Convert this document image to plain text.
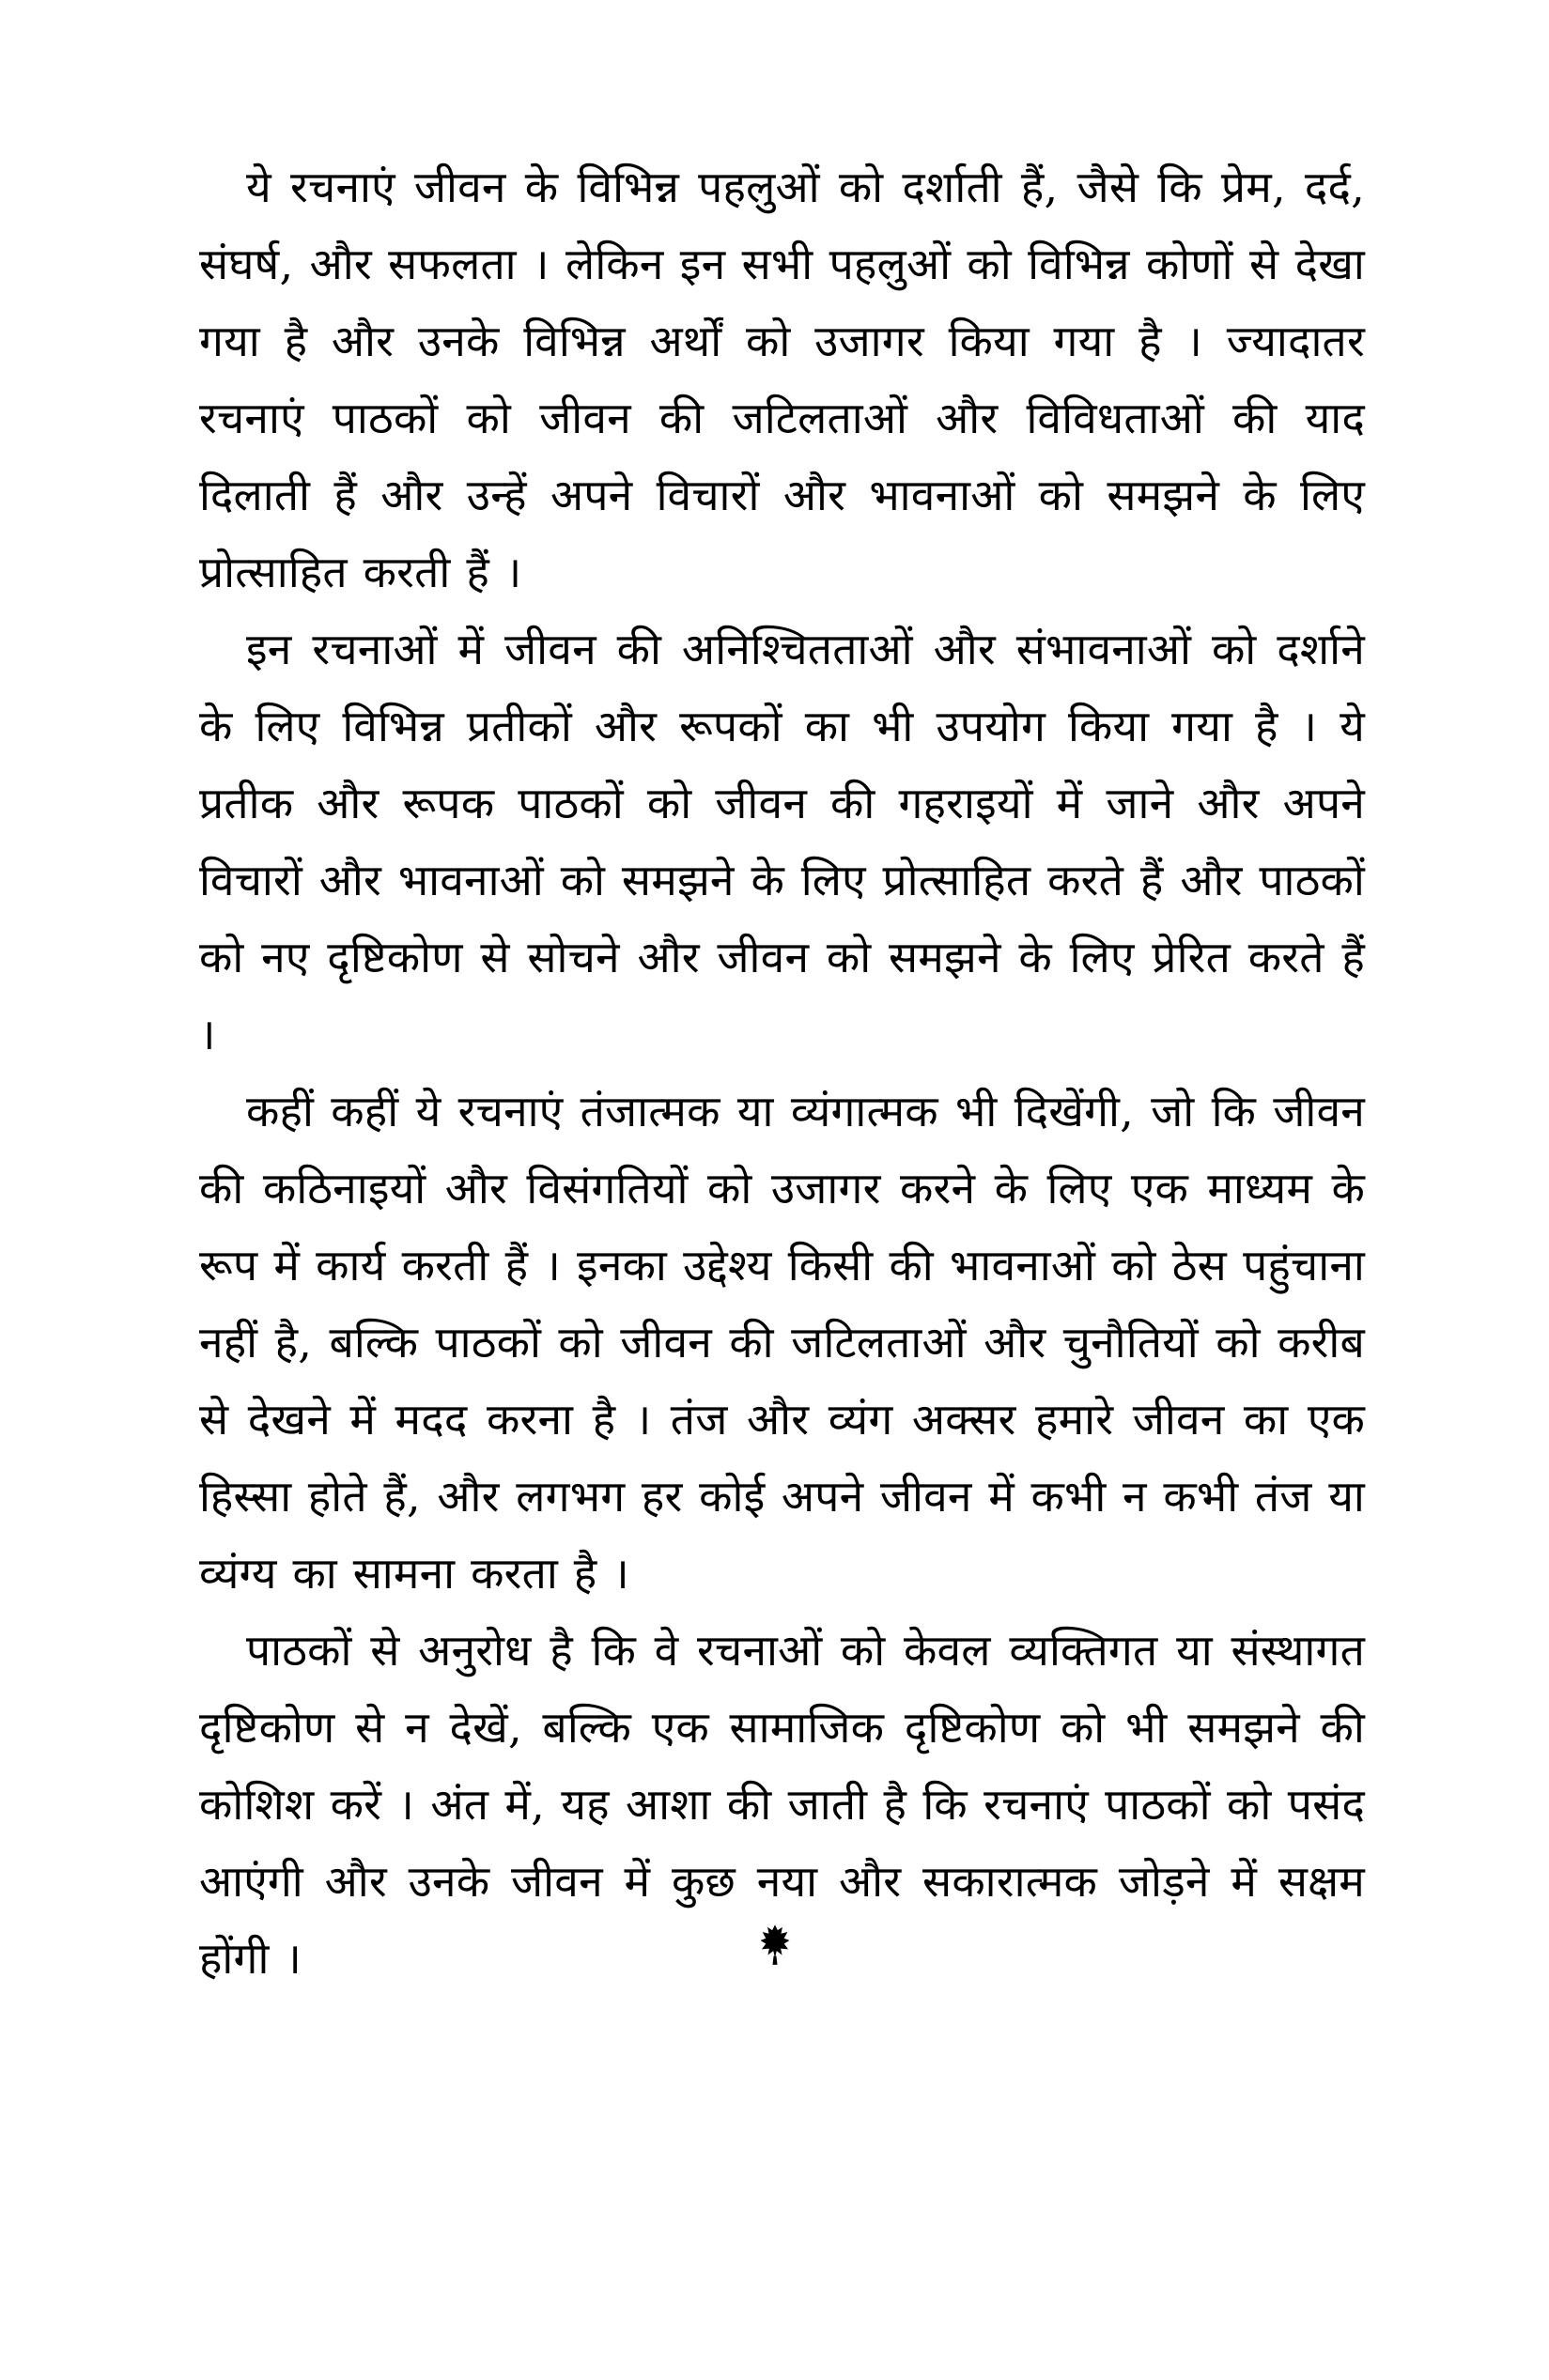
ये रचनाएं जीवन के विभिन्न पहलुओं को दर्शाती हैं, जैसे कि प्रेम, दर्द, संघर्ष, और सफलता । लेकिन इन सभी पहलुओं को विभिन्न कोणों से देखा गया है और उनके विभिन्न अर्थों को उजागर किया गया है । ज्यादातर रचनाएं पाठकों को जीवन की जटिलताओं और विविधताओं की याद दिलाती हैं और उन्हें अपने विचारों और भावनाओं को समझने के लिए प्रोत्साहित करती हैं ।

इन रचनाओं में जीवन की अनिश्चितताओं और संभावनाओं को दर्शाने के लिए विभिन्न प्रतीकों और रूपकों का भी उपयोग किया गया है । ये प्रतीक और रूपक पाठकों को जीवन की गहराइयों में जाने और अपने विचारों और भावनाओं को समझने के लिए प्रोत्साहित करते हैं और पाठकों को नए दृष्टिकोण से सोचने और जीवन को समझने के लिए प्रेरित करते हैं ।

कहीं कहीं ये रचनाएं तंजात्मक या व्यंगात्मक भी दिखेंगी, जो कि जीवन की कठिनाइयों और विसंगतियों को उजागर करने के लिए एक माध्यम के रूप में कार्य करती हैं । इनका उद्देश्य किसी की भावनाओं को ठेस पहुंचाना नहीं है, बल्कि पाठकों को जीवन की जटिलताओं और चुनौतियों को करीब से देखने में मदद करना है । तंज और व्यंग अक्सर हमारे जीवन का एक हिस्सा होते हैं, और लगभग हर कोई अपने जीवन में कभी न कभी तंज या व्यंग्य का सामना करता है ।

पाठकों से अनुरोध है कि वे रचनाओं को केवल व्यक्तिगत या संस्थागत दृष्टिकोण से न देखें, बल्कि एक सामाजिक दृष्टिकोण को भी समझने की कोशिश करें । अंत में, यह आशा की जाती है कि रचनाएं पाठकों को पसंद आएंगी और उनके जीवन में कुछ नया और सकारात्मक जोड़ने में सक्षम होंगी ।
